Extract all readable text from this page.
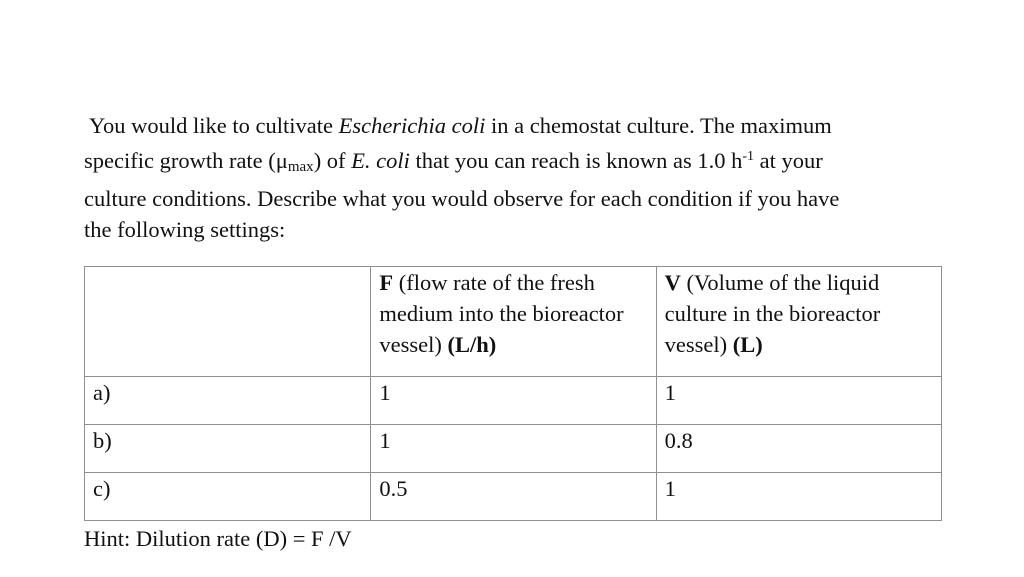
You would like to cultivate Escherichia coli in a chemostat culture. The maximum

specific growth rate $(\mu_{max})$ of E. coli that you can reach is known as 1.0 $h^{-1}$ at your

culture conditions. Describe what you would observe for each condition if you have

the following settings:

	F (flow rate of the fresh medium into the bioreactor vessel) (L/h)	V (Volume of the liquid culture in the bioreactor vessel) (L)
a)	1	1
b)	1	0.8
c)	0.5	1
Hint: Dilution rate (D) = F /V
